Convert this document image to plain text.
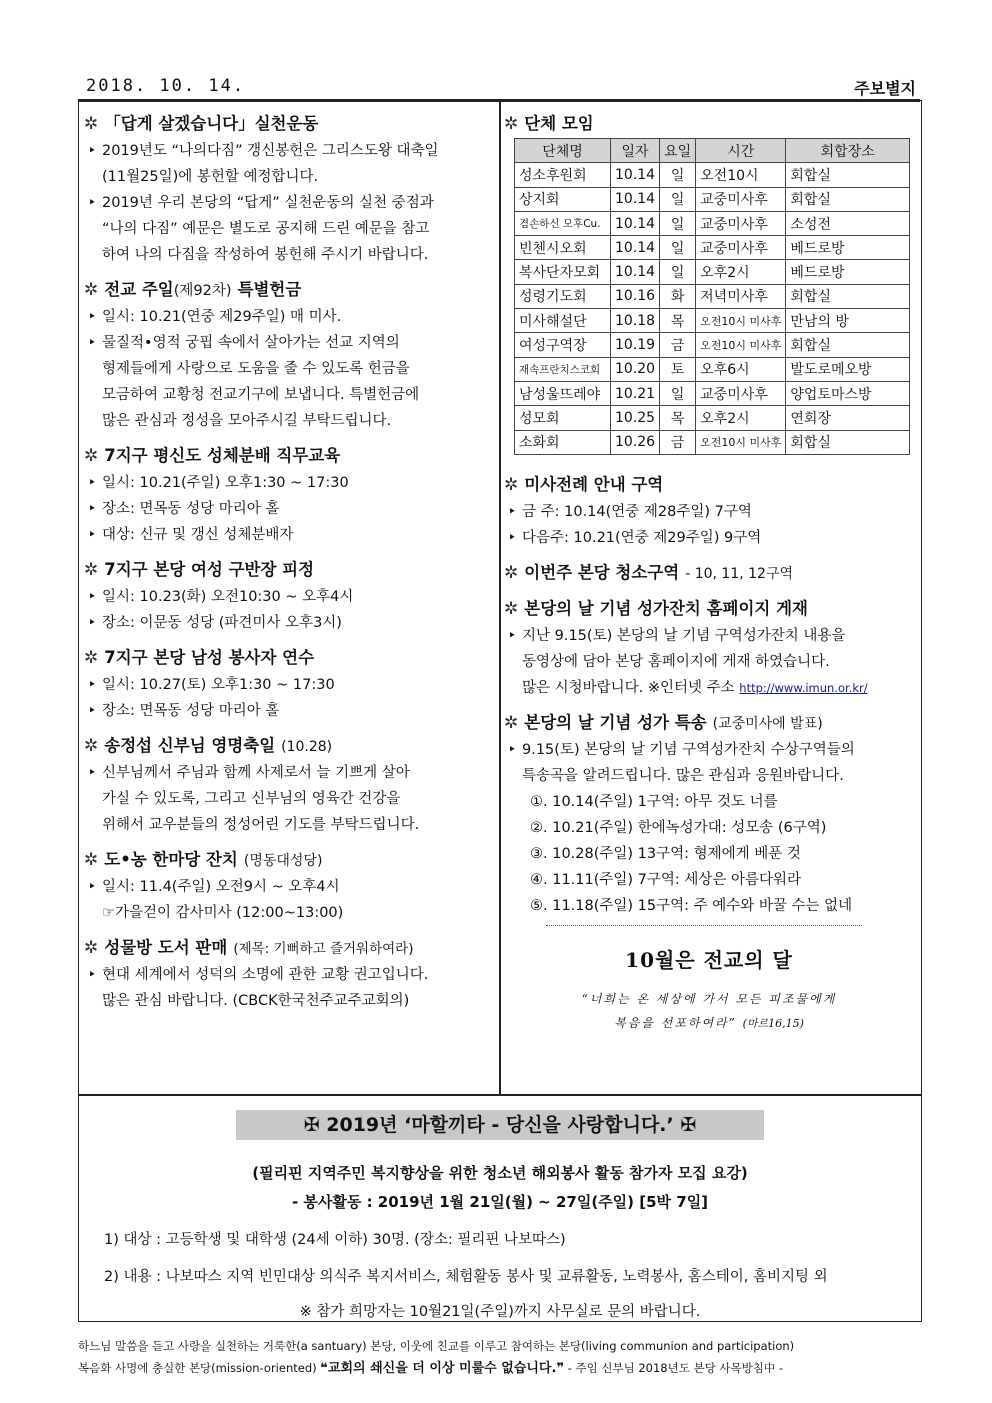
2018. 10. 14.	주보별지
✲ 「답게 살겠습니다」실천운동
‣ 2019년도 “나의다짐” 갱신봉헌은 그리스도왕 대축일
(11월25일)에 봉헌할 예정합니다.
‣ 2019년 우리 본당의 “답게” 실천운동의 실천 중점과
“나의 다짐” 예문은 별도로 공지해 드린 예문을 참고
하여 나의 다짐을 작성하여 봉헌해 주시기 바랍니다.
✲ 전교 주일 (제92차) 특별헌금
‣ 일시: 10.21(연중 제29주일) 매 미사.
‣ 물질적•영적 궁핍 속에서 살아가는 선교 지역의
형제들에게 사랑으로 도움을 줄 수 있도록 헌금을
모금하여 교황청 전교기구에 보냅니다. 특별헌금에
많은 관심과 정성을 모아주시길 부탁드립니다.
✲ 7지구 평신도 성체분배 직무교육
‣ 일시: 10.21(주일) 오후1:30 ~ 17:30
‣ 장소: 면목동 성당 마리아 홀
‣ 대상: 신규 및 갱신 성체분배자
✲ 7지구 본당 여성 구반장 피정
‣ 일시: 10.23(화) 오전10:30 ~ 오후4시
‣ 장소: 이문동 성당 (파견미사 오후3시)
✲ 7지구 본당 남성 봉사자 연수
‣ 일시: 10.27(토) 오후1:30 ~ 17:30
‣ 장소: 면목동 성당 마리아 홀
✲ 송정섭 신부님 영명축일 (10.28)
‣ 신부님께서 주님과 함께 사제로서 늘 기쁘게 살아
가실 수 있도록, 그리고 신부님의 영육간 건강을
위해서 교우분들의 정성어린 기도를 부탁드립니다.
✲ 도•농 한마당 잔치 (명동대성당)
‣ 일시: 11.4(주일) 오전9시 ~ 오후4시
☞가을걷이 감사미사 (12:00~13:00)
✲ 성물방 도서 판매 (제목: 기뻐하고 즐거워하여라)
‣ 현대 세계에서 성덕의 소명에 관한 교황 권고입니다.
많은 관심 바랍니다. (CBCK한국천주교주교회의)
✲ 단체 모임
단체명	일자	요일	시간	회합장소
성소후원회	10.14	일	오전10시	회합실
상지회	10.14	일	교중미사후	회합실
겸손하신 모후Cu.	10.14	일	교중미사후	소성전
빈첸시오회	10.14	일	교중미사후	베드로방
복사단자모회	10.14	일	오후2시	베드로방
성령기도회	10.16	화	저녁미사후	회합실
미사해설단	10.18	목	오전10시 미사후	만남의 방
여성구역장	10.19	금	오전10시 미사후	회합실
재속프란치스코회	10.20	토	오후6시	발도로메오방
남성울뜨레야	10.21	일	교중미사후	양업토마스방
성모회	10.25	목	오후2시	연회장
소화회	10.26	금	오전10시 미사후	회합실
✲ 미사전례 안내 구역
‣ 금 주: 10.14(연중 제28주일) 7구역
‣ 다음주: 10.21(연중 제29주일) 9구역
✲ 이번주 본당 청소구역 - 10, 11, 12구역
✲ 본당의 날 기념 성가잔치 홈페이지 게재
‣ 지난 9.15(토) 본당의 날 기념 구역성가잔치 내용을
동영상에 담아 본당 홈페이지에 게재 하였습니다.
많은 시청바랍니다. ※인터넷 주소 http://www.imun.or.kr/
✲ 본당의 날 기념 성가 특송 (교중미사에 발표)
‣ 9.15(토) 본당의 날 기념 구역성가잔치 수상구역들의
특송곡을 알려드립니다. 많은 관심과 응원바랍니다.
①. 10.14(주일) 1구역: 아무 것도 너를
②. 10.21(주일) 한에녹성가대: 성모송 (6구역)
③. 10.28(주일) 13구역: 형제에게 베푼 것
④. 11.11(주일) 7구역: 세상은 아름다워라
⑤. 11.18(주일) 15구역: 주 예수와 바꿀 수는 없네
10월은 전교의 달
“너희는 온 세상에 가서 모든 피조물에게
복음을 선포하여라” (마르16,15)
✠ 2019년 ‘마할끼타 - 당신을 사랑합니다.’ ✠
(필리핀 지역주민 복지향상을 위한 청소년 해외봉사 활동 참가자 모집 요강)
- 봉사활동 : 2019년 1월 21일(월) ~ 27일(주일) [5박 7일]
1) 대상 : 고등학생 및 대학생 (24세 이하) 30명. (장소: 필리핀 나보따스)
2) 내용 : 나보따스 지역 빈민대상 의식주 복지서비스, 체험활동 봉사 및 교류활동, 노력봉사, 홈스테이, 홈비지팅 외
※ 참가 희망자는 10월21일(주일)까지 사무실로 문의 바랍니다.
하느님 말씀을 듣고 사랑을 실천하는 거룩한(a santuary) 본당, 이웃에 친교를 이루고 참여하는 본당(living communion and participation)
복음화 사명에 충실한 본당(mission-oriented) ❝교회의 쇄신을 더 이상 미룰수 없습니다.❞ - 주임 신부님 2018년도 본당 사목방침中 -
